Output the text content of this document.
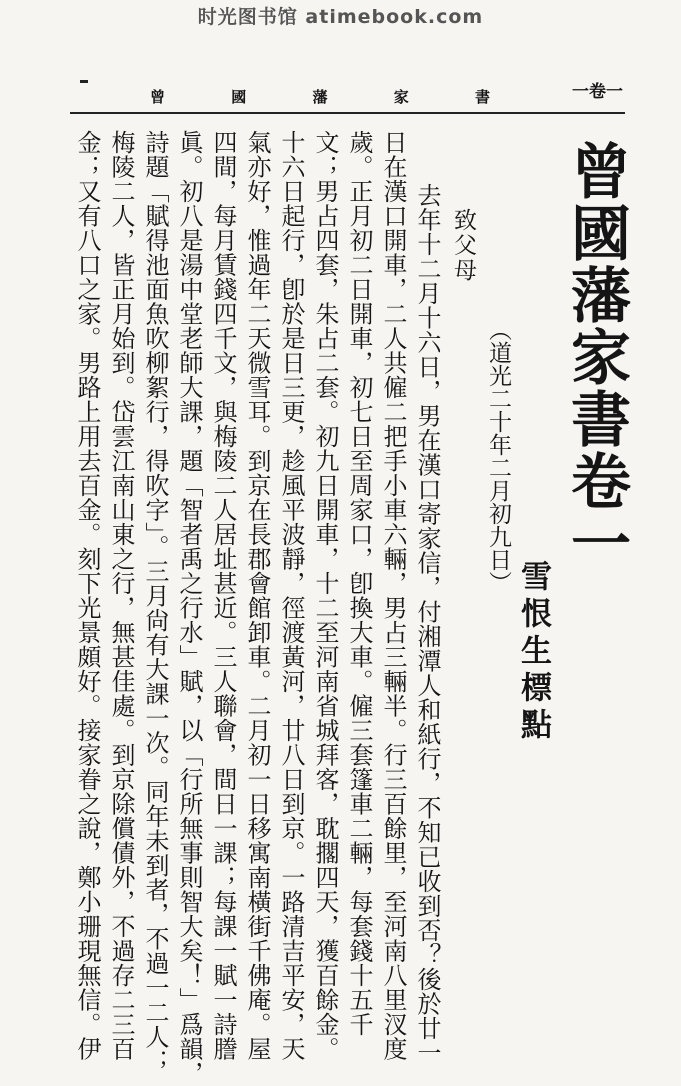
时光图书馆 atimebook.com
曾	國	藩	家	書	一卷一
曾國藩家書卷一
雪恨生標點
（道光二十年二月初九日）
致父母
去年十二月十六日，男在漢口寄家信，付湘潭人和紙行，不知已收到否？後於廿一
日在漢口開車，二人共僱二把手小車六輛，男占三輛半。行三百餘里，至河南八里汊度
歲。正月初二日開車，初七日至周家口，卽換大車。僱三套篷車二輛，每套錢十五千
文；男占四套，朱占二套。初九日開車，十二至河南省城拜客，耽擱四天，獲百餘金。
十六日起行，卽於是日三更，趁風平波靜，徑渡黃河，廿八日到京。一路清吉平安，天
氣亦好，惟過年二天微雪耳。到京在長郡會館卸車。二月初一日移寓南橫街千佛庵。屋
四間，每月賃錢四千文，與梅陵二人居址甚近。三人聯會，間日一課；每課一賦一詩謄
眞。初八是湯中堂老師大課，題「智者禹之行水」賦，以「行所無事則智大矣！」爲韻，
詩題「賦得池面魚吹柳絮行，得吹字」。三月尙有大課一次。同年未到者，不過一二人；
梅陵二人，皆正月始到。岱雲江南山東之行，無甚佳處。到京除償債外，不過存二三百
金；又有八口之家。男路上用去百金。刻下光景頗好。接家眷之說，鄭小珊現無信。伊
